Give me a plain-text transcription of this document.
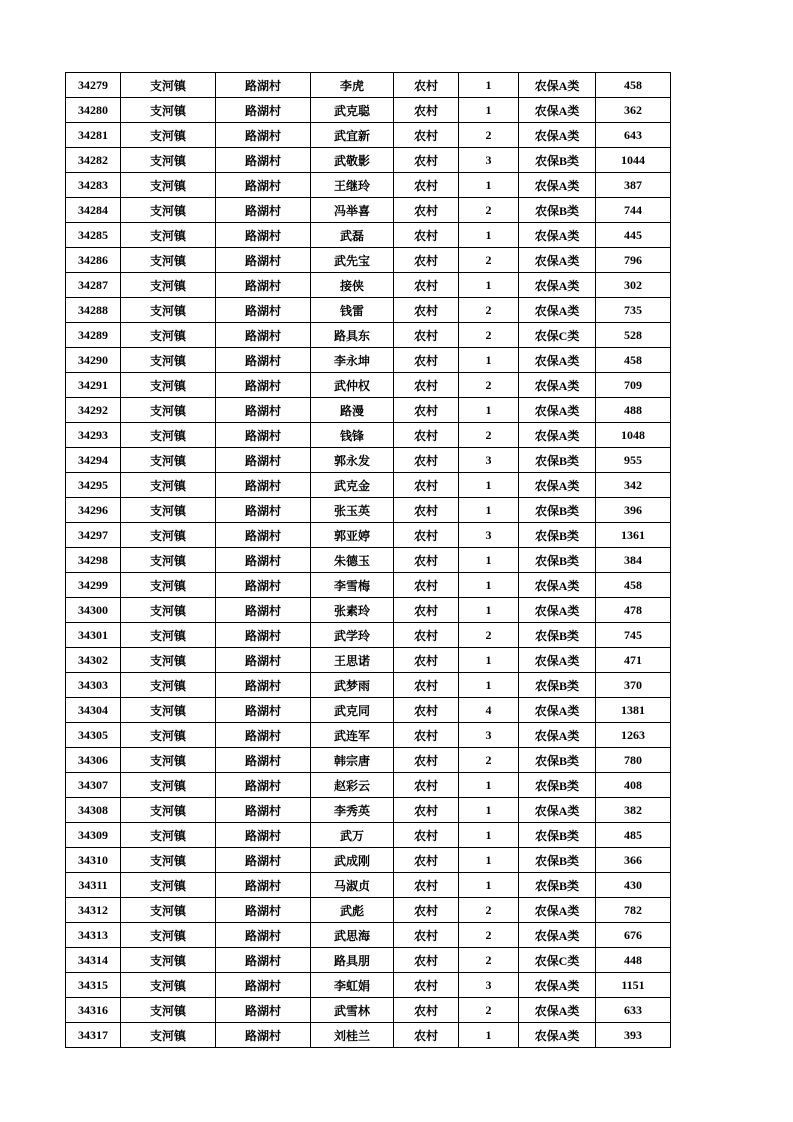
34279	支河镇	路湖村	李虎	农村	1	农保A类	458
34280	支河镇	路湖村	武克聪	农村	1	农保A类	362
34281	支河镇	路湖村	武宜新	农村	2	农保A类	643
34282	支河镇	路湖村	武敬影	农村	3	农保B类	1044
34283	支河镇	路湖村	王继玲	农村	1	农保A类	387
34284	支河镇	路湖村	冯举喜	农村	2	农保B类	744
34285	支河镇	路湖村	武磊	农村	1	农保A类	445
34286	支河镇	路湖村	武先宝	农村	2	农保A类	796
34287	支河镇	路湖村	接侠	农村	1	农保A类	302
34288	支河镇	路湖村	钱雷	农村	2	农保A类	735
34289	支河镇	路湖村	路具东	农村	2	农保C类	528
34290	支河镇	路湖村	李永坤	农村	1	农保A类	458
34291	支河镇	路湖村	武仲权	农村	2	农保A类	709
34292	支河镇	路湖村	路漫	农村	1	农保A类	488
34293	支河镇	路湖村	钱锋	农村	2	农保A类	1048
34294	支河镇	路湖村	郭永发	农村	3	农保B类	955
34295	支河镇	路湖村	武克金	农村	1	农保A类	342
34296	支河镇	路湖村	张玉英	农村	1	农保B类	396
34297	支河镇	路湖村	郭亚婷	农村	3	农保B类	1361
34298	支河镇	路湖村	朱德玉	农村	1	农保B类	384
34299	支河镇	路湖村	李雪梅	农村	1	农保A类	458
34300	支河镇	路湖村	张素玲	农村	1	农保A类	478
34301	支河镇	路湖村	武学玲	农村	2	农保B类	745
34302	支河镇	路湖村	王思诺	农村	1	农保A类	471
34303	支河镇	路湖村	武梦雨	农村	1	农保B类	370
34304	支河镇	路湖村	武克同	农村	4	农保A类	1381
34305	支河镇	路湖村	武连军	农村	3	农保A类	1263
34306	支河镇	路湖村	韩宗唐	农村	2	农保B类	780
34307	支河镇	路湖村	赵彩云	农村	1	农保B类	408
34308	支河镇	路湖村	李秀英	农村	1	农保A类	382
34309	支河镇	路湖村	武万	农村	1	农保B类	485
34310	支河镇	路湖村	武成刚	农村	1	农保B类	366
34311	支河镇	路湖村	马淑贞	农村	1	农保B类	430
34312	支河镇	路湖村	武彪	农村	2	农保A类	782
34313	支河镇	路湖村	武思海	农村	2	农保A类	676
34314	支河镇	路湖村	路具朋	农村	2	农保C类	448
34315	支河镇	路湖村	李虹娟	农村	3	农保A类	1151
34316	支河镇	路湖村	武雪林	农村	2	农保A类	633
34317	支河镇	路湖村	刘桂兰	农村	1	农保A类	393
